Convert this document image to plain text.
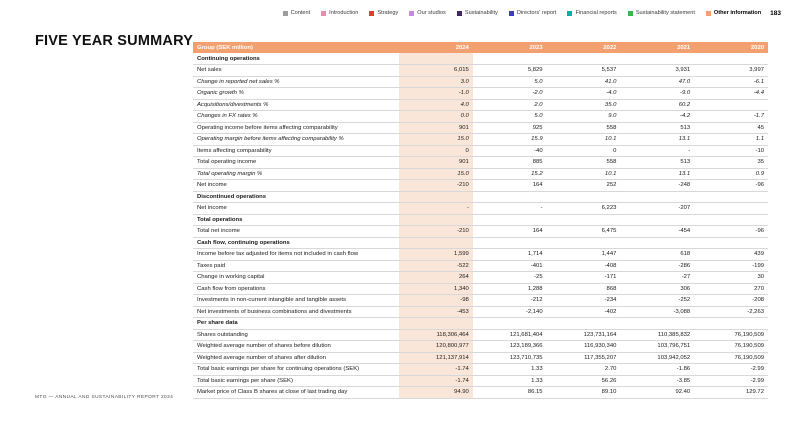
Content	Introduction	Strategy	Our studios	Sustainability	Directors' report	Financial reports	Sustainability statement	Other information 183
FIVE YEAR SUMMARY Group (SEK million)	2024	2023	2022	2021	2020
Continuing operations					
Net sales	6,015	5,829	5,537	3,931	3,997
Change in reported net sales %	3.0	5.0	41.0	47.0	-6.1
Organic growth %	-1.0	-2.0	-4.0	-9.0	-4.4
Acquisitions/divestments %	4.0	2.0	35.0	60.2	
Changes in FX rates %	0.0	5.0	9.0	-4.2	-1.7
Operating income before items affecting comparability	901	925	558	513	45
Operating margin before items affecting comparability %	15.0	15.9	10.1	13.1	1.1
Items affecting comparability	0	-40	0	-	-10
Total operating income	901	885	558	513	35
Total operating margin %	15.0	15.2	10.1	13.1	0.9
Net income	-210	164	252	-248	-96
Discontinued operations					
Net income	-	-	6,223	-207	
Total operations					
Total net income	-210	164	6,475	-454	-96
Cash flow, continuing operations					
Income before tax adjusted for items not included in cash flow	1,599	1,714	1,447	618	439
Taxes paid	-522	-401	-408	-286	-199
Change in working capital	264	-25	-171	-27	30
Cash flow from operations	1,340	1,288	868	306	270
Investments in non-current intangible and tangible assets	-98	-212	-234	-252	-208
Net investments of business combinations and divestments	-453	-2,140	-402	-3,088	-2,263
Per share data					
Shares outstanding	118,306,464	121,681,404	123,731,164	110,385,832	76,190,509
Weighted average number of shares before dilution	120,800,977	123,189,366	116,930,340	103,796,751	76,190,509
Weighted average number of shares after dilution	121,137,914	123,710,735	117,355,207	103,942,052	76,190,509
Total basic earnings per share for continuing operations (SEK)	-1.74	1.33	2.70	-1.86	-2.99
Total basic earnings per share (SEK)	-1.74	1.33	56.26	-3.85	-2.99
Market price of Class B shares at close of last trading day	94.90	86.15	89.10	92.40	129.72
MTG — ANNUAL AND SUSTAINABILITY REPORT 2024
